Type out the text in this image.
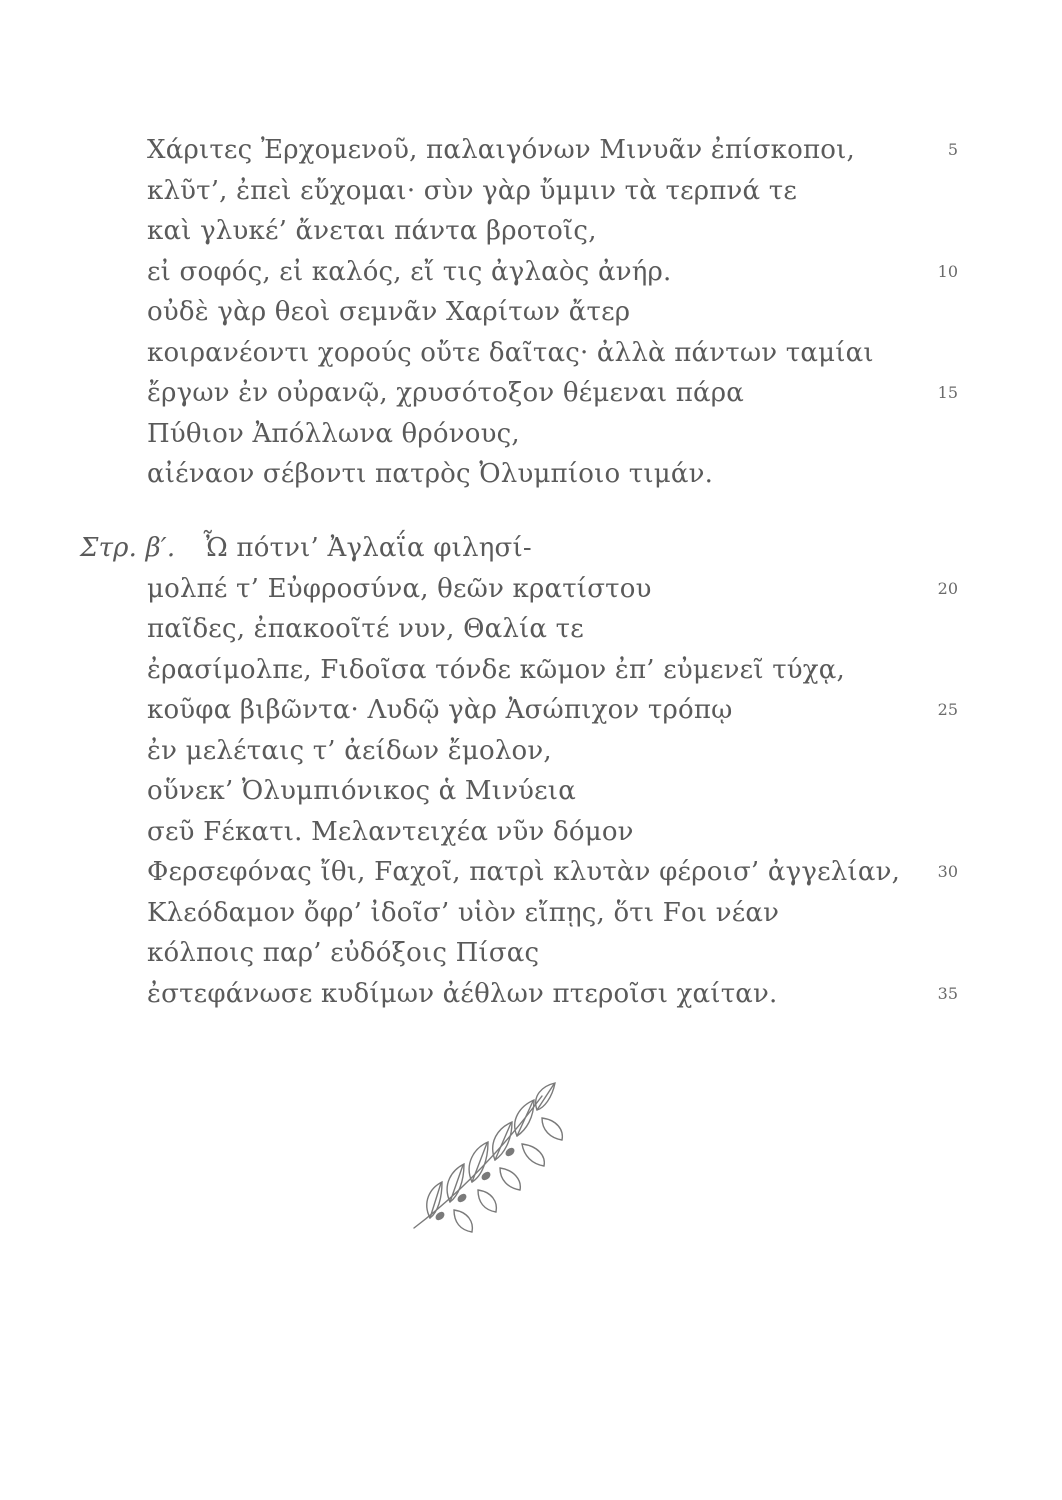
Χάριτες Ἐρχομενοῦ, παλαιγόνων Μινυᾶν ἐπίσκοποι,	5
κλῦτ’, ἐπεὶ εὔχομαι· σὺν γὰρ ὔμμιν τὰ τερπνά τε
καὶ γλυκέ’ ἄνεται πάντα βροτοῖς,
εἰ σοφός, εἰ καλός, εἴ τις ἀγλαὸς ἀνήρ.	10
οὐδὲ γὰρ θεοὶ σεμνᾶν Χαρίτων ἄτερ
κοιρανέοντι χορούς οὔτε δαῖτας· ἀλλὰ πάντων ταμίαι
ἔργων ἐν οὐρανῷ, χρυσότοξον θέμεναι πάρα	15
Πύθιον Ἀπόλλωνα θρόνους,
αἰέναον σέβοντι πατρὸς Ὀλυμπίοιο τιμάν.
Στρ. β′. Ὦ πότνι’ Ἀγλαΐα φιλησί-
μολπέ τ’ Εὐφροσύνα, θεῶν κρατίστου	20
παῖδες, ἐπακοοῖτέ νυν, Θαλία τε
ἐρασίμολπε, Fιδοῖσα τόνδε κῶμον ἐπ’ εὐμενεῖ τύχᾳ,
κοῦφα βιβῶντα· Λυδῷ γὰρ Ἀσώπιχον τρόπῳ	25
ἐν μελέταις τ’ ἀείδων ἔμολον,
οὕνεκ’ Ὀλυμπιόνικος ἁ Μινύεια
σεῦ Fέκατι. Μελαντειχέα νῦν δόμον
Φερσεφόνας ἴθι, Fαχοῖ, πατρὶ κλυτὰν φέροισ’ ἀγγελίαν,	30
Κλεόδαμον ὄφρ’ ἰδοῖσ’ υἱὸν εἴπῃς, ὅτι Fοι νέαν
κόλποις παρ’ εὐδόξοις Πίσας
ἐστεφάνωσε κυδίμων ἀέθλων πτεροῖσι χαίταν.	35
